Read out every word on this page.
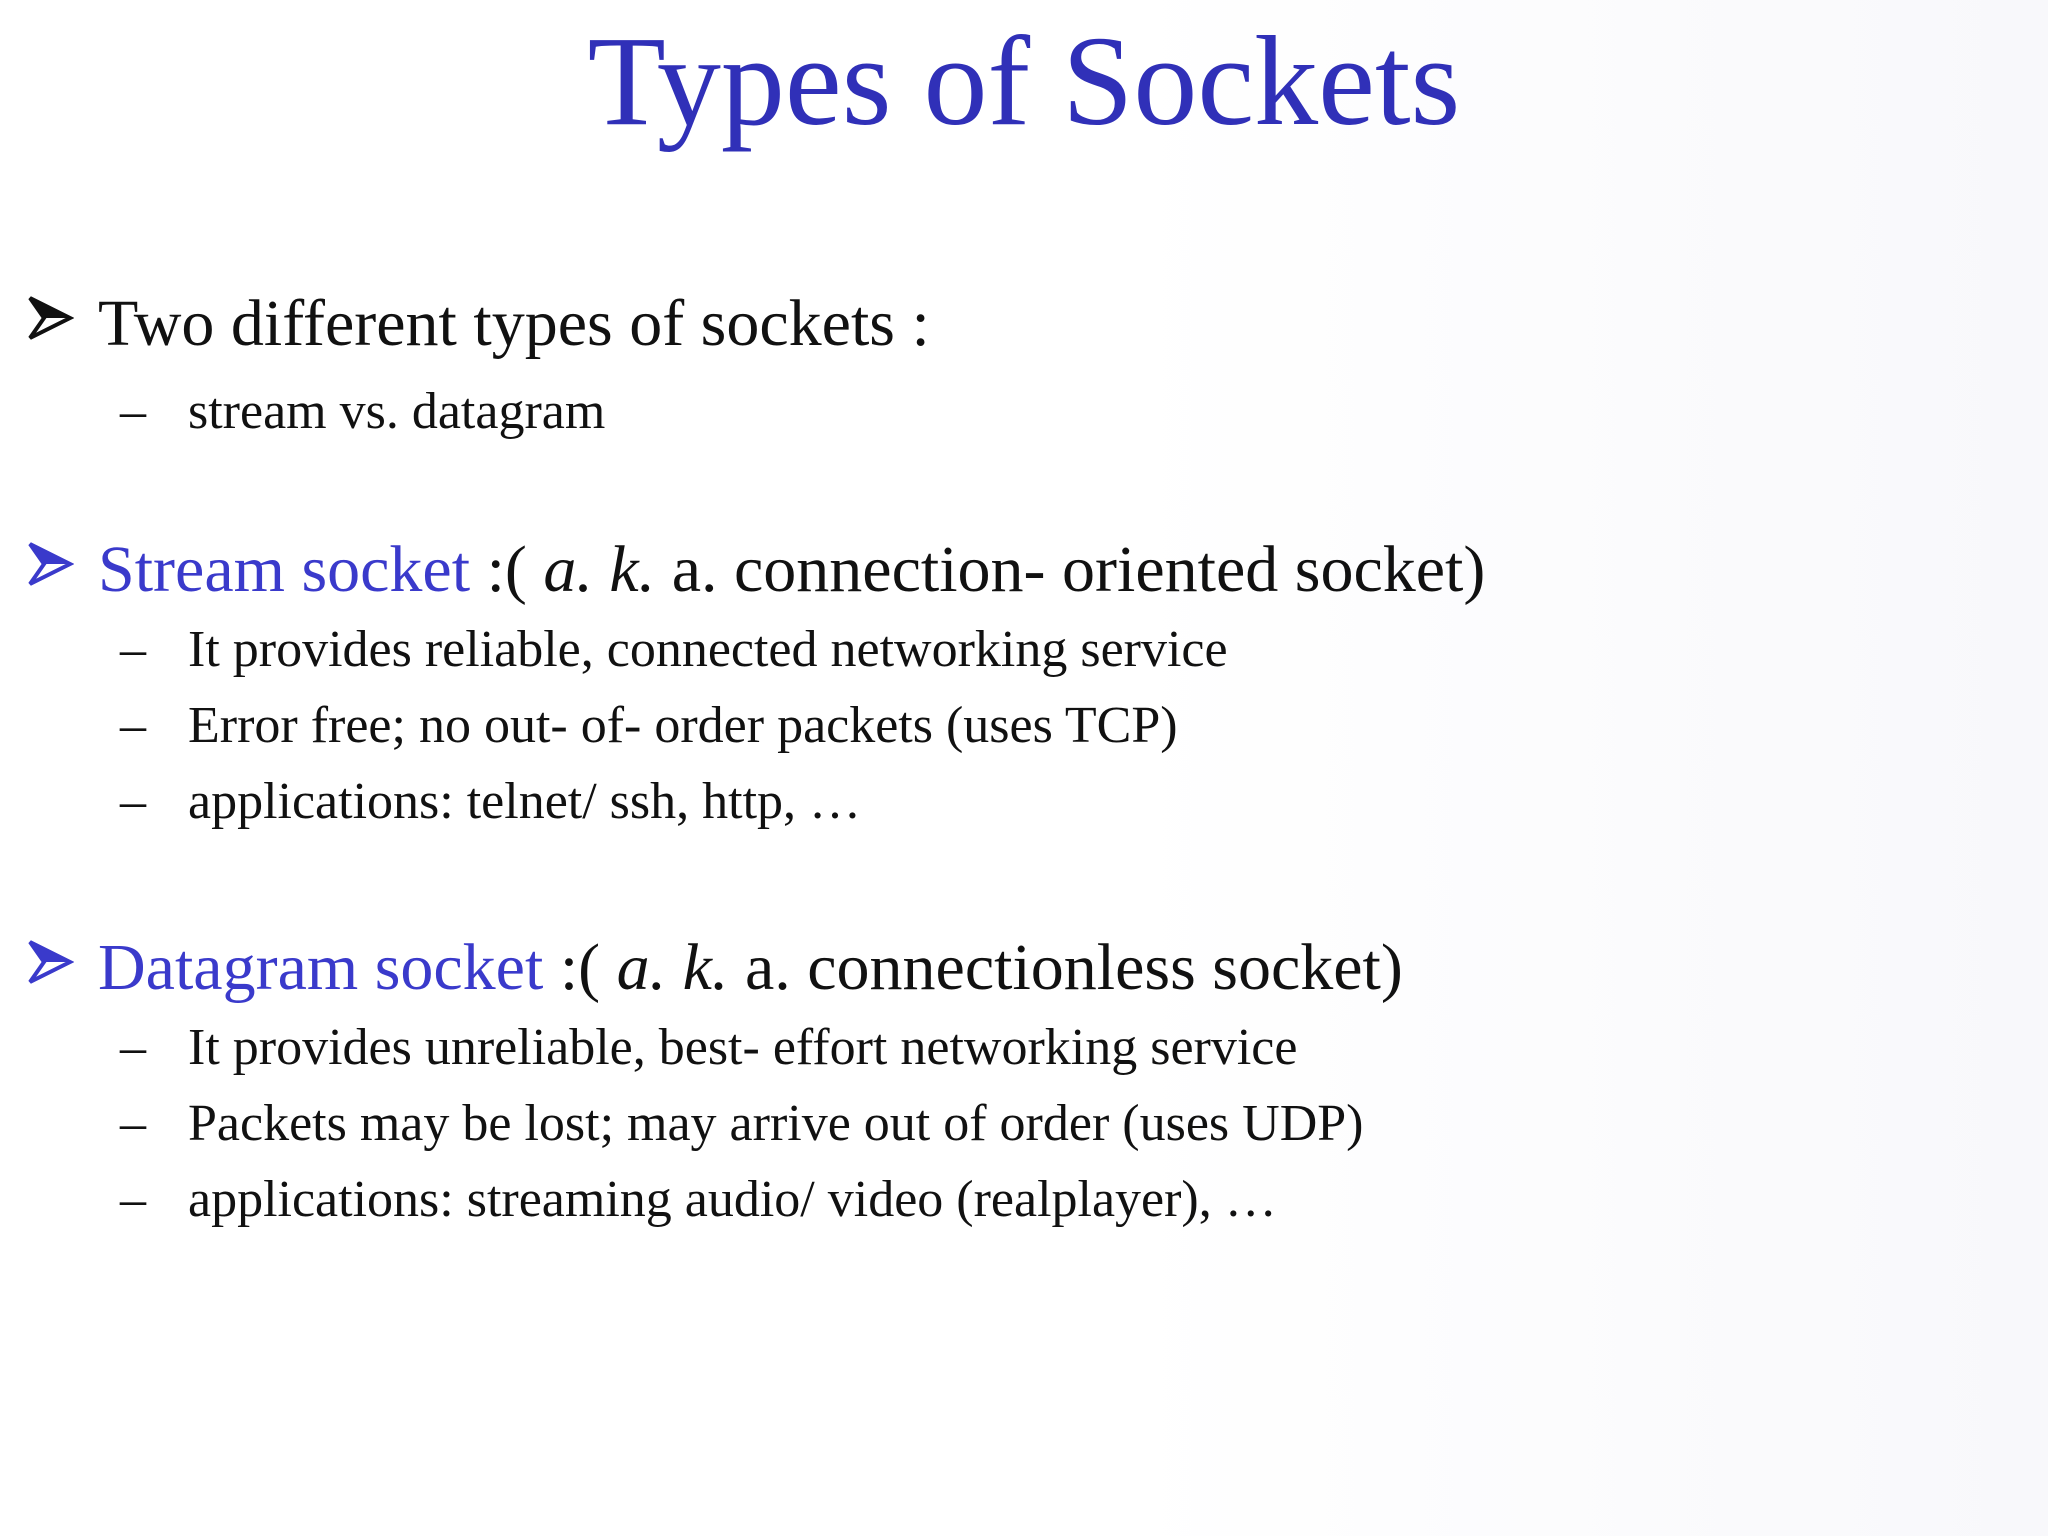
Types of Sockets
Two different types of sockets :
– stream vs. datagram
Stream socket :( a. k. a. connection- oriented socket)
– It provides reliable, connected networking service
– Error free; no out- of- order packets (uses TCP)
– applications: telnet/ ssh, http, …
Datagram socket :( a. k. a. connectionless socket)
– It provides unreliable, best- effort networking service
– Packets may be lost; may arrive out of order (uses UDP)
– applications: streaming audio/ video (realplayer), …
